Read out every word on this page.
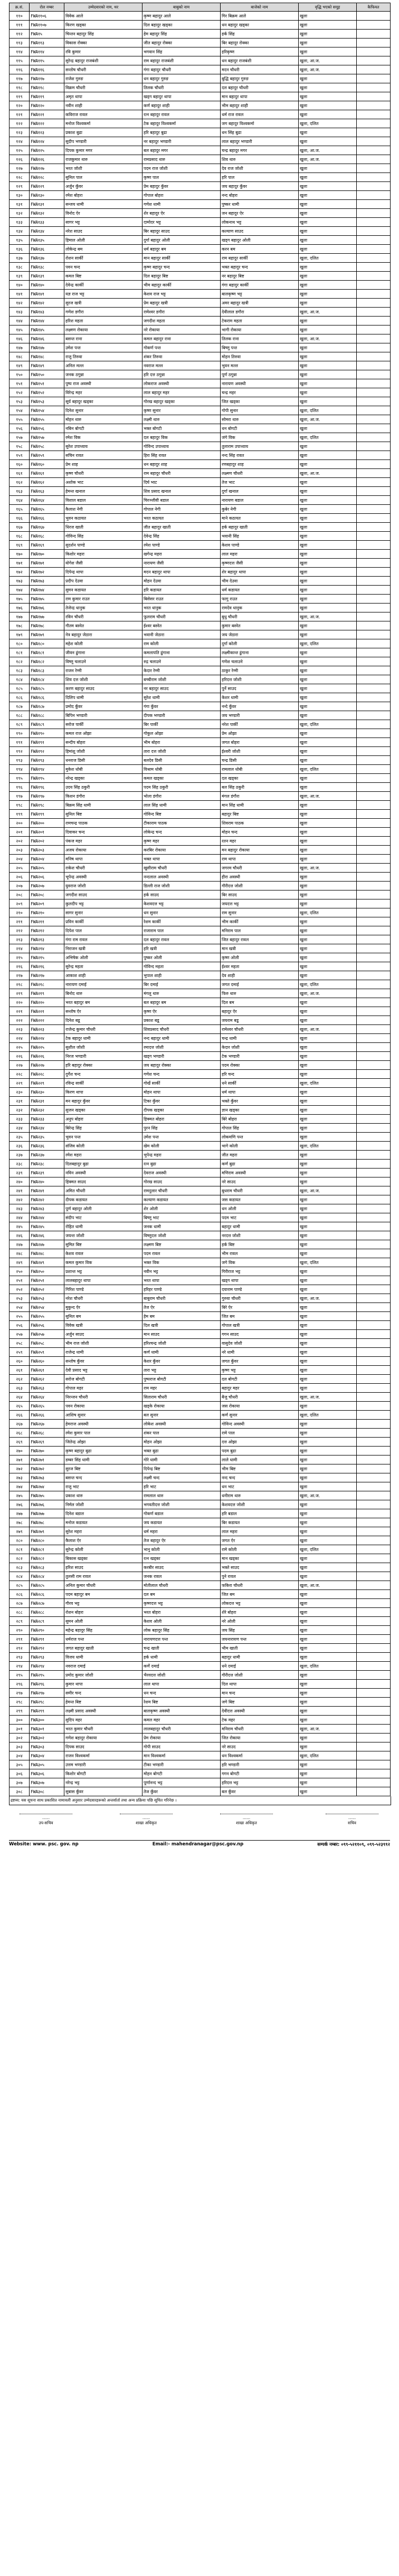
क्र.सं.	रोल नम्बर	उम्मेदवारको नाम, थर	बाबुको नाम	बाजेको नाम	वृद्धि भएको समूह	कैफियत
११०	FWA११०६	विवेक आले	कृष्ण बहादुर आले	गिर बिक्रम आले	खुला	
१११	FWA११०७	किरण खड्का	दिल बहादुर खड्का	धन बहादुर खड्का	खुला	
११२	FWA१५	चिन्तन बहादुर सिंह	हेम बहादुर सिंह	हर्क सिंह	खुला	
११३	FWA११३	विकास रोक्का	जीत बहादुर रोक्का	बिर बहादुर रोक्का	खुला	
११४	FWA११४	रवि कुमार	भगवान सिंह	हरिकृष्ण	खुला	
११५	FWA११५	सुरेन्द्र बहादुर राजबंशी	राम बहादुर राजबंशी	धन बहादुर राजबंशी	खुला, आ.ज.	
११६	FWA११६	सन्तोष चौधरी	गंगा बहादुर चौधरी	मदन चौधरी	खुला, आ.ज.	
११७	FWA११७	राजेश गुरुङ	धन बहादुर गुरुङ	बुद्धि बहादुर गुरुङ	खुला	
११८	FWA११८	विक्रम चौधरी	तिलक चौधरी	दल बहादुर चौधरी	खुला	
११९	FWA११९	अमृत थापा	खड्ग बहादुर थापा	मान बहादुर थापा	खुला	
१२०	FWA१२०	नवीन शाही	कर्ण बहादुर शाही	भीम बहादुर शाही	खुला	
१२१	FWA१२१	कविराज रावल	रत्न बहादुर रावल	धर्म राज रावल	खुला	
१२२	FWA१२२	मनोज विश्वकर्मा	टेक बहादुर विश्वकर्मा	जग बहादुर विश्वकर्मा	खुला, दलित	
१२३	FWA१२३	प्रकाश बुढा	हरि बहादुर बुढा	धन सिंह बुढा	खुला	
१२४	FWA१२४	सुदीप भण्डारी	नर बहादुर भण्डारी	लाल बहादुर भण्डारी	खुला	
१२५	FWA१२५	दिपक कुमार मगर	बल बहादुर मगर	चन्द्र बहादुर मगर	खुला, आ.ज.	
१२६	FWA१२६	राजकुमार थारु	रामप्रसाद थारु	शिव थारु	खुला, आ.ज.	
१२७	FWA१२७	भरत जोशी	पदम राज जोशी	देव राज जोशी	खुला	
१२८	FWA१२८	सुनिल पाल	कृष्ण पाल	हरि पाल	खुला	
१२९	FWA१२९	अर्जुन कुँवर	प्रेम बहादुर कुँवर	जय बहादुर कुँवर	खुला	
१३०	FWA१३०	रमेश बोहरा	गोपाल बोहरा	नन्द बोहरा	खुला	
१३१	FWA१३१	सन्जय धामी	गणेश धामी	पुष्कर धामी	खुला	
१३२	FWA१३२	विनोद ऐर	शेर बहादुर ऐर	जन बहादुर ऐर	खुला	
१३३	FWA१३३	सागर भट्ट	दामोदर भट्ट	लोकनाथ भट्ट	खुला	
१३४	FWA१३४	नरेश साउद	बिर बहादुर साउद	कल्याण साउद	खुला	
१३५	FWA१३५	हिमाल ओली	दुर्गा बहादुर ओली	खड्ग बहादुर ओली	खुला	
१३६	FWA१३६	लोकेन्द्र बम	धर्म बहादुर बम	करन बम	खुला	
१३७	FWA१३७	रोशन सार्की	मान बहादुर सार्की	राम बहादुर सार्की	खुला, दलित	
१३८	FWA१३८	पवन चन्द	कृष्ण बहादुर चन्द	भक्त बहादुर चन्द	खुला	
१३९	FWA१३९	कमल बिष्ट	दिल बहादुर बिष्ट	नर बहादुर बिष्ट	खुला	
१४०	FWA१४०	देवेन्द्र कार्की	भीम बहादुर कार्की	गंगा बहादुर कार्की	खुला	
१४१	FWA१४१	यज्ञ राज भट्ट	केशव राज भट्ट	बालकृष्ण भट्ट	खुला	
१४२	FWA१४२	सुरज खत्री	प्रेम बहादुर खत्री	अमर बहादुर खत्री	खुला	
१४३	FWA१४३	गणेश डगौरा	रामेश्वर डगौरा	देवीलाल डगौरा	खुला, आ.ज.	
१४४	FWA१४४	हरिश महता	जगदीश महता	टेकराम महता	खुला	
१४५	FWA१४५	लक्ष्मण रोकाया	नरे रोकाया	भागी रोकाया	खुला	
१४६	FWA१४६	बसन्त राना	कमल बहादुर राना	तिलक राना	खुला, आ.ज.	
१४७	FWA१४७	उमेश पन्त	गोकर्ण पन्त	बिष्णु पन्त	खुला	
१४८	FWA१४८	राजु तिरुवा	शंकर तिरुवा	मोहन तिरुवा	खुला	
१४९	FWA१४९	अनिल मल्ल	नवराज मल्ल	भुवन मल्ल	खुला	
१५०	FWA१५०	जनक ठगुन्ना	हरि दत्त ठगुन्ना	पूर्ण ठगुन्ना	खुला	
१५१	FWA१५१	पुष्प राज अवस्थी	लोकराज अवस्थी	नारायण अवस्थी	खुला	
१५२	FWA१५२	विरेन्द्र महर	लाल बहादुर महर	चन्द्र महर	खुला	
१५३	FWA१५३	सूर्य बहादुर खड्का	गोरख बहादुर खड्का	जित खड्का	खुला	
१५४	FWA१५४	दिनेश सुनार	कृष्ण सुनार	गोपी सुनार	खुला, दलित	
१५५	FWA१५५	मोहन थारु	लक्ष्मी थारु	सोमरा थारु	खुला, आ.ज.	
१५६	FWA१५६	नबिन बोगटी	भक्त बोगटी	धन बोगटी	खुला	
१५७	FWA१५७	रमेश विक	दल बहादुर विक	जंगे विक	खुला, दलित	
१५८	FWA१५८	सुरेश उपाध्याय	गोविन्द उपाध्याय	तुलाराम उपाध्याय	खुला	
१५९	FWA१५९	सचिन रावत	हिरा सिंह रावत	नन्द सिंह रावत	खुला	
१६०	FWA१६०	प्रेम शाह	धन बहादुर शाह	रणबहादुर शाह	खुला	
१६१	FWA१६१	कृष्ण चौधरी	राम बहादुर चौधरी	लक्ष्मण चौधरी	खुला, आ.ज.	
१६२	FWA१६२	अशोक भाट	दिर्घ भाट	तेज भाट	खुला	
१६३	FWA१६३	हेमन्त खनाल	शिव प्रसाद खनाल	दुर्गा खनाल	खुला	
१६४	FWA१६४	विशाल बडाल	चिरञ्जीवी बडाल	नारायण बडाल	खुला	
१६५	FWA१६५	कैलाश नेगी	गोपाल नेगी	कुबेर नेगी	खुला	
१६६	FWA१६६	भुवन कठायत	भरत कठायत	माने कठायत	खुला	
१६७	FWA१६७	धिरज खाती	जीत बहादुर खाती	हर्क बहादुर खाती	खुला	
१६८	FWA१६८	गोविन्द सिंह	देवेन्द्र सिंह	भवानी सिंह	खुला	
१६९	FWA१६९	सुदर्शन पाण्डे	रमेश पाण्डे	केशव पाण्डे	खुला	
१७०	FWA१७०	किशोर महरा	खगेन्द्र महरा	लाल महरा	खुला	
१७१	FWA१७१	योगेश जैसी	नारायण जैसी	कृष्णदत्त जैसी	खुला	
१७२	FWA१७२	दिपेन्द्र थापा	मदन बहादुर थापा	शेर बहादुर थापा	खुला	
१७३	FWA१७३	प्रदीप देउवा	मोहन देउवा	भीम देउवा	खुला	
१७४	FWA१७४	सुमन कडायत	हरि कडायत	धर्म कडायत	खुला	
१७५	FWA१७५	राम कुमार राउत	बिसेसर राउत	फागु राउत	खुला	
१७६	FWA१७६	तेजेन्द्र धानुक	भरत धानुक	रामदेव धानुक	खुला	
१७७	FWA१७७	रविन चौधरी	फूलराम चौधरी	बुधु चौधरी	खुला, आ.ज.	
१७८	FWA१७८	गौतम बस्नेत	ईश्वर बस्नेत	कुमार बस्नेत	खुला	
१७९	FWA१७९	नेत्र बहादुर जेठारा	भवानी जेठारा	जय जेठारा	खुला	
१८०	FWA१८०	महेश कोली	राम कोली	दुर्गा कोली	खुला, दलित	
१८१	FWA१८१	जीवन ढुंगाना	कमलापति ढुंगाना	लक्ष्मीकान्त ढुंगाना	खुला	
१८२	FWA१८२	विष्णु चलाउने	रुद्र चलाउने	गणेश चलाउने	खुला	
१८३	FWA१८३	राजन रेग्मी	केदार रेग्मी	ठाकुर रेग्मी	खुला	
१८४	FWA१८४	शिव दत्त जोशी	बच्चीराम जोशी	हरिदत्त जोशी	खुला	
१८५	FWA१८५	करण बहादुर साउद	नर बहादुर साउद	पुर्ने साउद	खुला	
१८६	FWA१८६	दिलिप धामी	सुरेश धामी	केशर धामी	खुला	
१८७	FWA१८७	प्रमोद कुँवर	गंगा कुँवर	नन्दे कुँवर	खुला	
१८८	FWA१८८	बिपिन भण्डारी	दीपक भण्डारी	जय भण्डारी	खुला	
१८९	FWA१८९	सरोज पार्की	बिर पार्की	नरेश पार्की	खुला, दलित	
१९०	FWA१९०	कमल राज ओझा	गोकुल ओझा	प्रेम ओझा	खुला	
१९१	FWA१९१	सन्दीप बोहरा	भीम बोहरा	जगत बोहरा	खुला	
१९२	FWA१९२	हिमांशु जोशी	तारा दत्त जोशी	ईश्वरी जोशी	खुला	
१९३	FWA१९३	धनराज डिसी	बलदेव डिसी	चन्द्र डिसी	खुला	
१९४	FWA१९४	मुकेश धोबी	विश्राम धोबी	रामलाल धोबी	खुला, दलित	
१९५	FWA१९५	नरेन्द्र खड्का	कमल खड्का	दल खड्का	खुला	
१९६	FWA१९६	उदय सिंह ठकुरी	पदम सिंह ठकुरी	बल सिंह ठकुरी	खुला	
१९७	FWA१९७	किशन डंगौरा	भोला डंगौरा	मंगल डंगौरा	खुला, आ.ज.	
१९८	FWA१९८	बिक्रम सिंह धामी	लाल सिंह धामी	मान सिंह धामी	खुला	
१९९	FWA१९९	सुनिल बिष्ट	गोविन्द बिष्ट	बहादुर बिष्ट	खुला	
२००	FWA२००	रामचन्द्र पाठक	टीकाराम पाठक	शिवराम पाठक	खुला	
२०१	FWA२०१	दिवाकर चन्द	लोकेन्द्र चन्द	मोहन चन्द	खुला	
२०२	FWA२०२	पंकज महर	कृष्ण महर	रतन महर	खुला	
२०३	FWA२०३	अजय रोकाया	करबिर रोकाया	मन बहादुर रोकाया	खुला	
२०४	FWA२०४	मनिष थापा	भक्त थापा	राम थापा	खुला	
२०५	FWA२०५	राकेश चौधरी	खुसीराम चौधरी	जगरम चौधरी	खुला, आ.ज.	
२०६	FWA२०६	भूपेन्द्र अवस्थी	नन्दलाल अवस्थी	हीरा अवस्थी	खुला	
२०७	FWA२०७	युवराज जोशी	डिल्ली राज जोशी	गौरीदत्त जोशी	खुला	
२०८	FWA२०८	जगदीश साउद	हर्क साउद	बिर साउद	खुला	
२०९	FWA२०९	कुलदीप भट्ट	केशवदत्त भट्ट	जयदत्त भट्ट	खुला	
२१०	FWA२१०	सागर सुनार	धन सुनार	राम सुनार	खुला, दलित	
२११	FWA२११	प्रविन कार्की	रेशम कार्की	भीम कार्की	खुला	
२१२	FWA२१२	दिपेश पाल	राजाराम पाल	मनिराम पाल	खुला	
२१३	FWA२१३	गंगा राम रावल	दल बहादुर रावल	जित बहादुर रावल	खुला	
२१४	FWA२१४	निराजन खत्री	हरि खत्री	मान खत्री	खुला	
२१५	FWA२१५	अभिषेक ओली	पुष्कर ओली	कृष्ण ओली	खुला	
२१६	FWA२१६	सुरेन्द्र महता	गोविन्द महता	ईश्वर महता	खुला	
२१७	FWA२१७	आकाश शाही	भुपाल शाही	देव शाही	खुला	
२१८	FWA२१८	नारायण दमाई	बिर दमाई	जगत दमाई	खुला, दलित	
२१९	FWA२१९	बिनोद थारु	मंगलु थारु	फिरु थारु	खुला, आ.ज.	
२२०	FWA२२०	भरत बहादुर बम	बल बहादुर बम	दिल बम	खुला	
२२१	FWA२२१	सन्तोष ऐर	कृष्ण ऐर	बहादुर ऐर	खुला	
२२२	FWA२२२	दिनेश बडू	प्रकाश बडू	जयराम बडू	खुला	
२२३	FWA२२३	राजेन्द्र कुमार चौधरी	शिवप्रसाद चौधरी	रामेश्वर चौधरी	खुला, आ.ज.	
२२४	FWA२२४	टेक बहादुर धामी	नन्द बहादुर धामी	चन्द्र धामी	खुला	
२२५	FWA२२५	सुशील जोशी	रमादत्त जोशी	केदार जोशी	खुला	
२२६	FWA२२६	निरज भण्डारी	खड्ग भण्डारी	टेक भण्डारी	खुला	
२२७	FWA२२७	हरि बहादुर रोक्का	जय बहादुर रोक्का	पदम रोक्का	खुला	
२२८	FWA२२८	दुर्गेश चन्द	गणेश चन्द	हरि चन्द	खुला	
२२९	FWA२२९	रविन्द्र सार्की	गोर्खे सार्की	धने सार्की	खुला, दलित	
२३०	FWA२३०	किरण थापा	मोहन थापा	धर्म थापा	खुला	
२३१	FWA२३१	मन बहादुर कुँवर	टिका कुँवर	भक्ते कुँवर	खुला	
२३२	FWA२३२	सुजन खड्का	दीपक खड्का	ज्ञान खड्का	खुला	
२३३	FWA२३३	अनुप बोहरा	हिक्मत बोहरा	बिरे बोहरा	खुला	
२३४	FWA२३४	बिरेन्द्र सिंह	पुरन सिंह	गोपाल सिंह	खुला	
२३५	FWA२३५	भुवन पन्त	उमेश पन्त	लोकमणि पन्त	खुला	
२३६	FWA२३६	संजिव कोली	खेम कोली	भागे कोली	खुला, दलित	
२३७	FWA२३७	रमेश महरा	भुपेन्द्र महरा	जीत महरा	खुला	
२३८	FWA२३८	दिलबहादुर बुढा	रत्न बुढा	कर्ण बुढा	खुला	
२३९	FWA२३९	नविन अवस्थी	देवराज अवस्थी	मणिराम अवस्थी	खुला	
२४०	FWA२४०	हिक्मत साउद	गोरख साउद	नरे साउद	खुला	
२४१	FWA२४१	अमित चौधरी	रामदुलार चौधरी	बुधराम चौधरी	खुला, आ.ज.	
२४२	FWA२४२	दीपक कडायत	कल्याण कडायत	जस कडायत	खुला	
२४३	FWA२४३	पूर्ण बहादुर ओली	शेर ओली	धन ओली	खुला	
२४४	FWA२४४	संदीप भाट	बिष्णु भाट	पदम भाट	खुला	
२४५	FWA२४५	रोहित धामी	जनक धामी	बहादुर धामी	खुला	
२४६	FWA२४६	जयन्त जोशी	विष्णुदत्त जोशी	नरदत्त जोशी	खुला	
२४७	FWA२४७	सुमित बिष्ट	लक्ष्मण बिष्ट	हर्क बिष्ट	खुला	
२४८	FWA२४८	केशव रावल	पदम रावल	भीम रावल	खुला	
२४९	FWA२४९	कमल कुमार विक	भक्त विक	जगे विक	खुला, दलित	
२५०	FWA२५०	प्रशान्त भट्ट	नवीन भट्ट	गिरीराज भट्ट	खुला	
२५१	FWA२५१	लालबहादुर थापा	भरत थापा	खड्ग थापा	खुला	
२५२	FWA२५२	गिरिश पाण्डे	हरिहर पाण्डे	दयाराम पाण्डे	खुला	
२५३	FWA२५३	नरेश चौधरी	बाबुराम चौधरी	गुरुवा चौधरी	खुला, आ.ज.	
२५४	FWA२५४	मुकुन्द ऐर	तेज ऐर	बिरे ऐर	खुला	
२५५	FWA२५५	सुनिल बम	हेम बम	जित बम	खुला	
२५६	FWA२५६	विवेक खत्री	दिल खत्री	गोपाल खत्री	खुला	
२५७	FWA२५७	अर्जुन साउद	मान साउद	गगन साउद	खुला	
२५८	FWA२५८	भीम राज जोशी	हरिश्चन्द्र जोशी	वासुदेव जोशी	खुला	
२५९	FWA२५९	राजेन्द्र धामी	कर्ण धामी	नरे धामी	खुला	
२६०	FWA२६०	सन्तोष कुँवर	केशर कुँवर	जगत कुँवर	खुला	
२६१	FWA२६१	देवी प्रसाद भट्ट	तारा भट्ट	कृष्ण भट्ट	खुला	
२६२	FWA२६२	सरोज बोगटी	पुष्पराज बोगटी	दल बोगटी	खुला	
२६३	FWA२६३	गोपाल महर	राम महर	बहादुर महर	खुला	
२६४	FWA२६४	निरन्जन चौधरी	सिताराम चौधरी	बैजु चौधरी	खुला, आ.ज.	
२६५	FWA२६५	पवन रोकाया	खड्के रोकाया	जस रोकाया	खुला	
२६६	FWA२६६	आशिष सुनार	बल सुनार	कर्ण सुनार	खुला, दलित	
२६७	FWA२६७	हेमराज अवस्थी	लोकेश अवस्थी	गोविन्द अवस्थी	खुला	
२६८	FWA२६८	रमेश कुमार पाल	शंकर पाल	रामे पाल	खुला	
२६९	FWA२६९	जितेन्द्र ओझा	मोहन ओझा	दत्त ओझा	खुला	
२७०	FWA२७०	कृष्ण बहादुर बुढा	भक्त बुढा	पदम बुढा	खुला	
२७१	FWA२७१	डम्बर सिंह धामी	गोरे धामी	लाले धामी	खुला	
२७२	FWA२७२	सुरज बिष्ट	दिपेन्द्र बिष्ट	भीम बिष्ट	खुला	
२७३	FWA२७३	बसन्त चन्द	लक्ष्मी चन्द	नन्द चन्द	खुला	
२७४	FWA२७४	राजु भाट	हरि भाट	धन भाट	खुला	
२७५	FWA२७५	प्रकाश थारु	रामलाल थारु	धनीराम थारु	खुला, आ.ज.	
२७६	FWA२७६	निर्मल जोशी	भगवतीदत्त जोशी	केशवदत्त जोशी	खुला	
२७७	FWA२७७	दिनेश बडाल	गोकर्ण बडाल	हरि बडाल	खुला	
२७८	FWA२७८	मनोज कडायत	जय कडायत	बिर कडायत	खुला	
२७९	FWA२७९	सुरेश महरा	धर्म महरा	लाल महरा	खुला	
२८०	FWA२८०	कैलाश ऐर	तेज बहादुर ऐर	जगत ऐर	खुला	
२८१	FWA२८१	सुरेन्द्र कोली	भानु कोली	रामे कोली	खुला, दलित	
२८२	FWA२८२	बिकास खड्का	रत्न खड्का	मान खड्का	खुला	
२८३	FWA२८३	हरिश साउद	करबीर साउद	भक्ते साउद	खुला	
२८४	FWA२८४	तुलसी राम रावल	जनक रावल	पुने रावल	खुला	
२८५	FWA२८५	अनिल कुमार चौधरी	मोतीलाल चौधरी	फकिरा चौधरी	खुला, आ.ज.	
२८६	FWA२८६	पदम बहादुर बम	दल बम	जित बम	खुला	
२८७	FWA२८७	गौरव भट्ट	कृष्णदत्त भट्ट	लोकदत्त भट्ट	खुला	
२८८	FWA२८८	रोशन बोहरा	भरत बोहरा	शेरे बोहरा	खुला	
२८९	FWA२८९	सुमन ओली	केशव ओली	नरे ओली	खुला	
२९०	FWA२९०	महेन्द्र बहादुर सिंह	लोक बहादुर सिंह	जय सिंह	खुला	
२९१	FWA२९१	धर्मराज पन्त	नारायणदत्त पन्त	जयनारायण पन्त	खुला	
२९२	FWA२९२	जगत बहादुर खाती	चन्द्र खाती	भीम खाती	खुला	
२९३	FWA२९३	विजय धामी	हर्क धामी	बहादुर धामी	खुला	
२९४	FWA२९४	नवराज दमाई	कर्णे दमाई	धने दमाई	खुला, दलित	
२९५	FWA२९५	प्रमोद कुमार जोशी	भैरवदत्त जोशी	गौरीदत्त जोशी	खुला	
२९६	FWA२९६	कुमार थापा	लाल थापा	दिल थापा	खुला	
२९७	FWA२९७	समीर चन्द	धन चन्द	मान चन्द	खुला	
२९८	FWA२९८	हेमन्त बिष्ट	रेशम बिष्ट	जगे बिष्ट	खुला	
२९९	FWA२९९	लक्ष्मी प्रसाद अवस्थी	बालकृष्ण अवस्थी	देवीदत्त अवस्थी	खुला	
३००	FWA३००	सुदिप महर	कमल महर	टेक महर	खुला	
३०१	FWA३०१	भरत कुमार चौधरी	लालबहादुर चौधरी	मनिराम चौधरी	खुला, आ.ज.	
३०२	FWA३०२	गणेश बहादुर रोकाया	प्रेम रोकाया	जित रोकाया	खुला	
३०३	FWA३०३	दिपक साउद	गोपी साउद	नरे साउद	खुला	
३०४	FWA३०४	राजन विश्वकर्मा	मान विश्वकर्मा	धन विश्वकर्मा	खुला, दलित	
३०५	FWA३०५	उत्तम भण्डारी	टीका भण्डारी	हरि भण्डारी	खुला	
३०६	FWA३०६	किशोर बोगटी	मोहन बोगटी	गगन बोगटी	खुला	
३०७	FWA३०७	नरेन्द्र भट्ट	पूर्णानन्द भट्ट	हरिदत्त भट्ट	खुला	
३०८	FWA३०८	सुबास कुँवर	तेज कुँवर	बल कुँवर	खुला	
द्रष्टव्य: यस सूचना साथ प्रकाशित नामावली अनुसार उम्मेदवारहरूको अन्तर्वार्ता तथा अन्य प्रक्रिया पछि सूचित गरिनेछ ।
......
उप-सचिव
......
शाखा अधिकृत
......
शाखा अधिकृत
......
सचिव
Website: www. psc. gov. np	Email:- mahendranagar@psc.gov.np	सम्पर्क नम्बर: ०९९-५२११०९, ०९९-५२३९९२
